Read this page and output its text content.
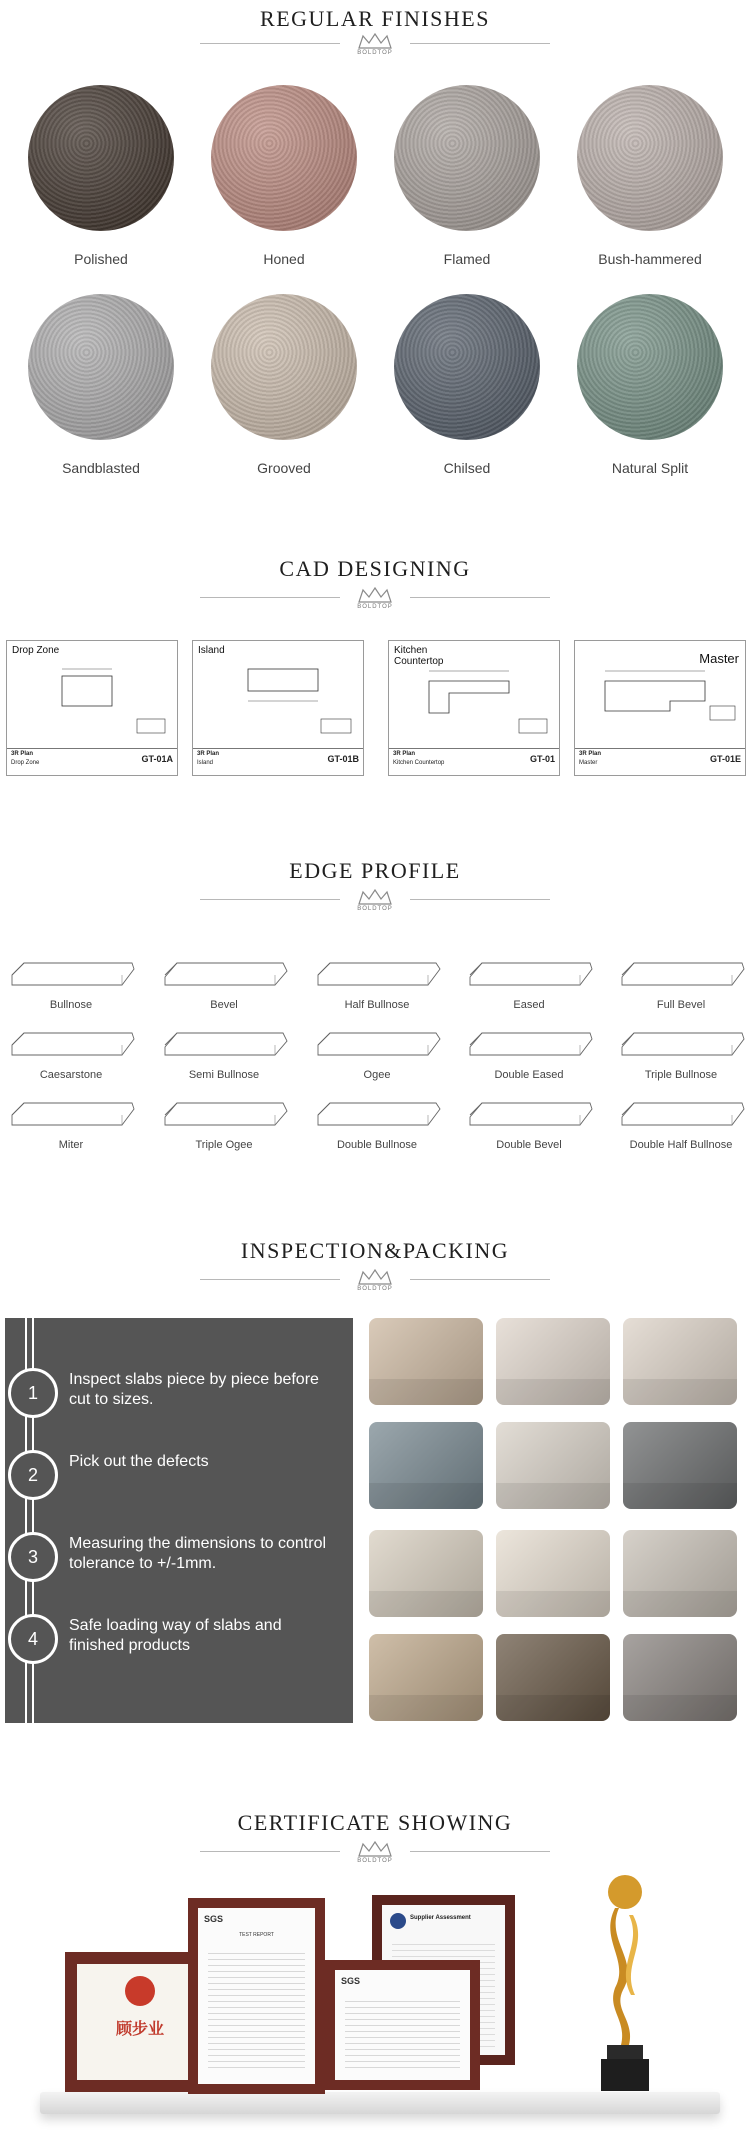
REGULAR FINISHES
BOLDTOP
Polished	Honed	Flamed	Bush-hammered
Sandblasted	Grooved	Chilsed	Natural Split
CAD DESIGNING
BOLDTOP
Drop Zone
3R Plan
Drop Zone	GT-01A
Island
3R Plan
Island	GT-01B
Kitchen
Countertop
3R Plan
Kitchen Countertop	GT-01
Master
3R Plan
Master	GT-01E
EDGE PROFILE
BOLDTOP
Bullnose	Bevel	Half Bullnose	Eased	Full Bevel
Caesarstone	Semi Bullnose	Ogee	Double Eased	Triple Bullnose
Miter	Triple Ogee	Double Bullnose	Double Bevel	Double Half Bullnose
INSPECTION&PACKING
BOLDTOP
1
Inspect slabs piece by piece before cut to sizes.
2
Pick out the defects
3
Measuring the dimensions to control tolerance to +/-1mm.
4
Safe loading way of slabs and finished products
CERTIFICATE SHOWING
BOLDTOP
顾步业
SGS
TEST REPORT
Supplier Assessment
SGS
